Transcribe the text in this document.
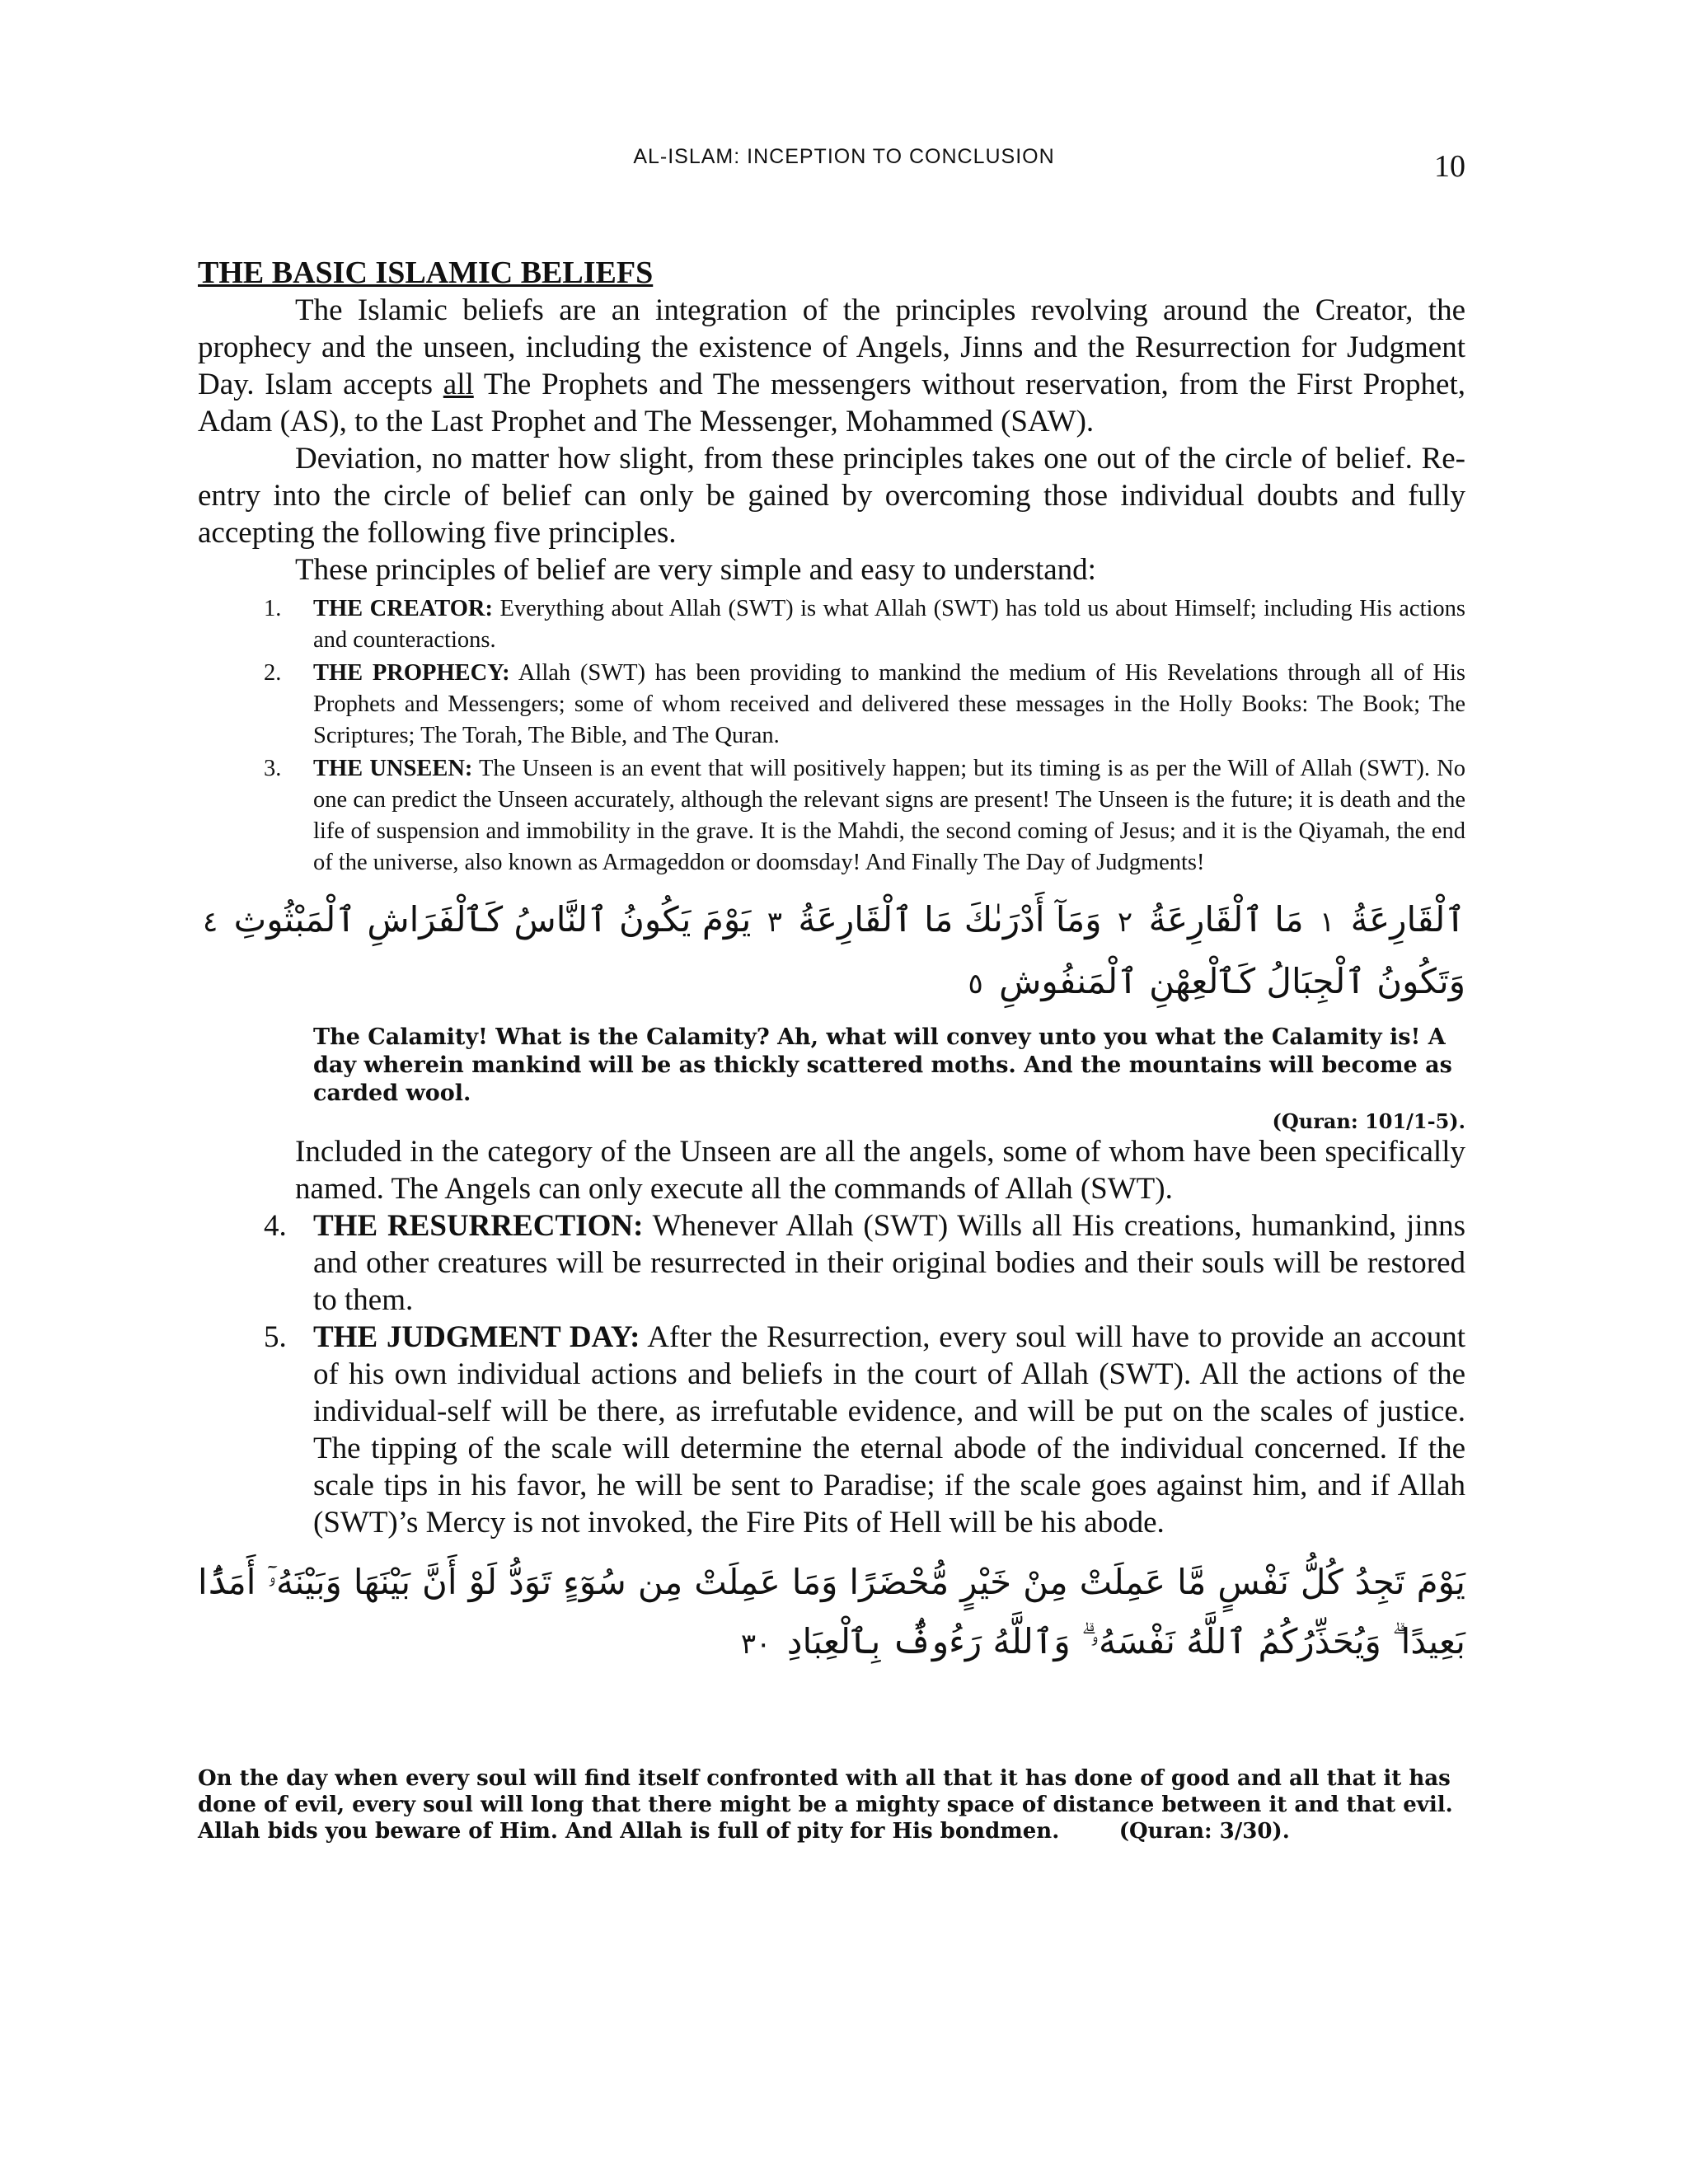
AL-ISLAM: INCEPTION TO CONCLUSION	10
THE BASIC ISLAMIC BELIEFS

The Islamic beliefs are an integration of the principles revolving around the Creator, the prophecy and the unseen, including the existence of Angels, Jinns and the Resurrection for Judgment Day. Islam accepts all The Prophets and The messengers without reservation, from the First Prophet, Adam (AS), to the Last Prophet and The Messenger, Mohammed (SAW).

Deviation, no matter how slight, from these principles takes one out of the circle of belief. Re-entry into the circle of belief can only be gained by overcoming those individual doubts and fully accepting the following five principles.

These principles of belief are very simple and easy to understand:

1. THE CREATOR: Everything about Allah (SWT) is what Allah (SWT) has told us about Himself; including His actions and counteractions.
2. THE PROPHECY: Allah (SWT) has been providing to mankind the medium of His Revelations through all of His Prophets and Messengers; some of whom received and delivered these messages in the Holly Books: The Book; The Scriptures; The Torah, The Bible, and The Quran.
3. THE UNSEEN: The Unseen is an event that will positively happen; but its timing is as per the Will of Allah (SWT). No one can predict the Unseen accurately, although the relevant signs are present! The Unseen is the future; it is death and the life of suspension and immobility in the grave. It is the Mahdi, the second coming of Jesus; and it is the Qiyamah, the end of the universe, also known as Armageddon or doomsday! And Finally The Day of Judgments!

ٱلْقَارِعَةُ ١ مَا ٱلْقَارِعَةُ ٢ وَمَآ أَدْرَىٰكَ مَا ٱلْقَارِعَةُ ٣ يَوْمَ يَكُونُ ٱلنَّاسُ كَٱلْفَرَاشِ ٱلْمَبْثُوثِ ٤ وَتَكُونُ ٱلْجِبَالُ كَٱلْعِهْنِ ٱلْمَنفُوشِ ٥

The Calamity! What is the Calamity? Ah, what will convey unto you what the Calamity is! A day wherein mankind will be as thickly scattered moths. And the mountains will become as carded wool.

(Quran: 101/1-5).

Included in the category of the Unseen are all the angels, some of whom have been specifically named. The Angels can only execute all the commands of Allah (SWT).

4. THE RESURRECTION: Whenever Allah (SWT) Wills all His creations, humankind, jinns and other creatures will be resurrected in their original bodies and their souls will be restored to them.
5. THE JUDGMENT DAY: After the Resurrection, every soul will have to provide an account of his own individual actions and beliefs in the court of Allah (SWT). All the actions of the individual-self will be there, as irrefutable evidence, and will be put on the scales of justice. The tipping of the scale will determine the eternal abode of the individual concerned. If the scale tips in his favor, he will be sent to Paradise; if the scale goes against him, and if Allah (SWT)’s Mercy is not invoked, the Fire Pits of Hell will be his abode.

يَوْمَ تَجِدُ كُلُّ نَفْسٍ مَّا عَمِلَتْ مِنْ خَيْرٍ مُّحْضَرًا وَمَا عَمِلَتْ مِن سُوٓءٍ تَوَدُّ لَوْ أَنَّ بَيْنَهَا وَبَيْنَهُۥٓ أَمَدًۢا بَعِيدًا ۗ وَيُحَذِّرُكُمُ ٱللَّهُ نَفْسَهُۥ ۗ وَٱللَّهُ رَءُوفٌۢ بِٱلْعِبَادِ ٣٠

On the day when every soul will find itself confronted with all that it has done of good and all that it has done of evil, every soul will long that there might be a mighty space of distance between it and that evil. Allah bids you beware of Him. And Allah is full of pity for His bondmen.	(Quran: 3/30).
